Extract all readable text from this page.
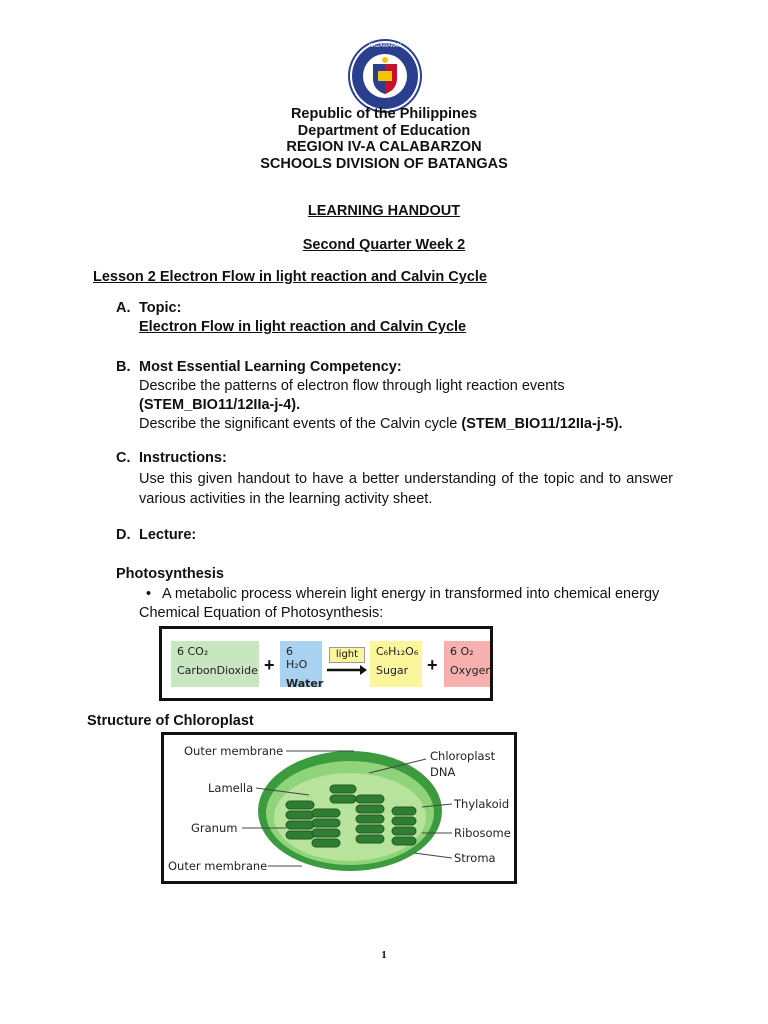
KAGAWARAN
Republic of the Philippines
Department of Education
REGION IV-A CALABARZON
SCHOOLS DIVISION OF BATANGAS
LEARNING HANDOUT
Second Quarter Week 2
Lesson 2 Electron Flow in light reaction and Calvin Cycle
A. Topic:
Electron Flow in light reaction and Calvin Cycle
B. Most Essential Learning Competency:
Describe the patterns of electron flow through light reaction events
(STEM_BIO11/12IIa-j-4).
Describe the significant events of the Calvin cycle (STEM_BIO11/12IIa-j-5).
C. Instructions:
Use this given handout to have a better understanding of the topic and to answer various activities in the learning activity sheet.
D. Lecture:
Photosynthesis
• A metabolic process wherein light energy in transformed into chemical energy
Chemical Equation of Photosynthesis:
6 CO₂
CarbonDioxide +
6 H₂O
Water
light	C₆H₁₂O₆
Sugar	+
6 O₂
Oxygen
Structure of Chloroplast
Outer membrane
Lamella
Granum
Outer membrane
Chloroplast
DNA
Thylakoid
Ribosome
Stroma
1
